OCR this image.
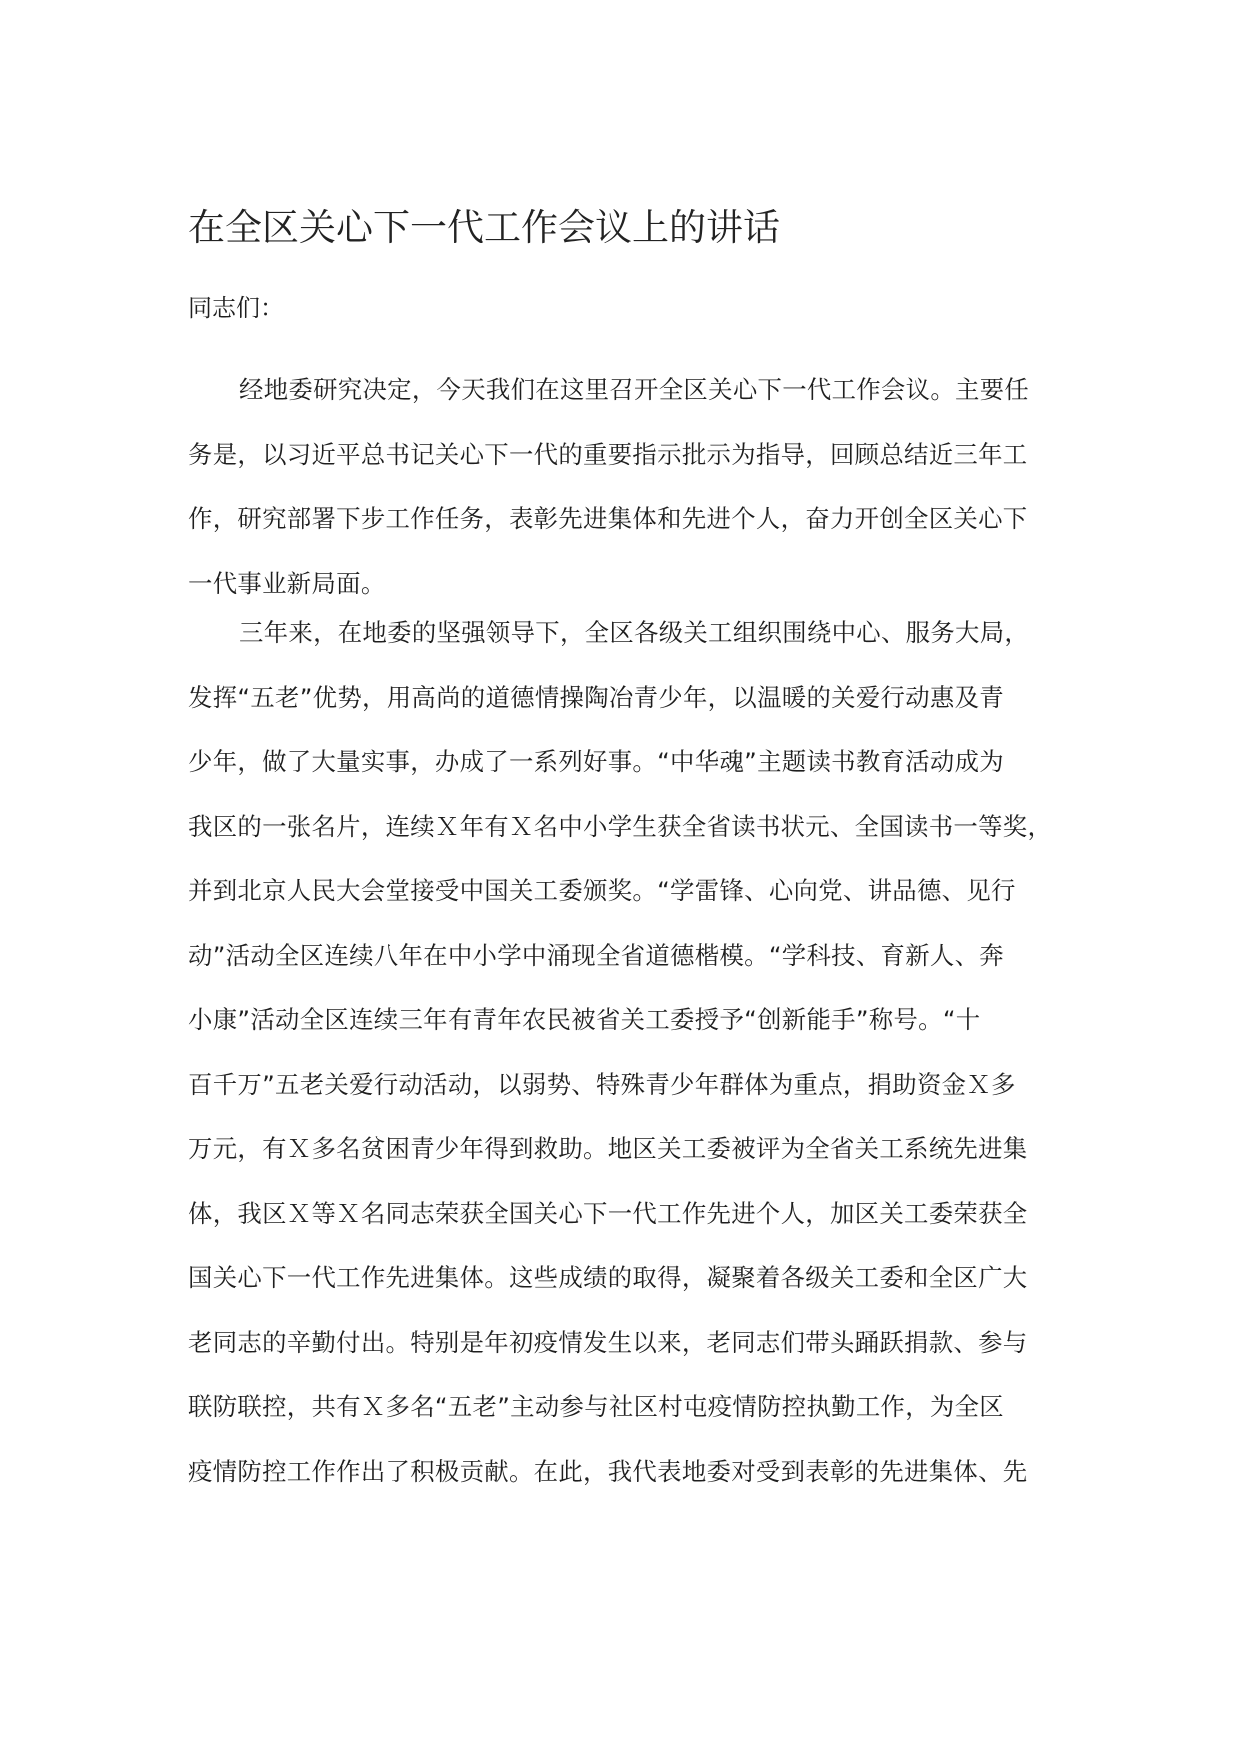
在全区关心下一代工作会议上的讲话
同志们：
经地委研究决定，今天我们在这里召开全区关心下一代工作会议。主要任
务是，以习近平总书记关心下一代的重要指示批示为指导，回顾总结近三年工
作，研究部署下步工作任务，表彰先进集体和先进个人，奋力开创全区关心下
一代事业新局面。
三年来，在地委的坚强领导下，全区各级关工组织围绕中心、服务大局，
发挥“五老”优势，用高尚的道德情操陶冶青少年，以温暖的关爱行动惠及青
少年，做了大量实事，办成了一系列好事。“中华魂”主题读书教育活动成为
我区的一张名片，连续Ｘ年有Ｘ名中小学生获全省读书状元、全国读书一等奖，
并到北京人民大会堂接受中国关工委颁奖。“学雷锋、心向党、讲品德、见行
动”活动全区连续八年在中小学中涌现全省道德楷模。“学科技、育新人、奔
小康”活动全区连续三年有青年农民被省关工委授予“创新能手”称号。“十
百千万”五老关爱行动活动，以弱势、特殊青少年群体为重点，捐助资金Ｘ多
万元，有Ｘ多名贫困青少年得到救助。地区关工委被评为全省关工系统先进集
体，我区Ｘ等Ｘ名同志荣获全国关心下一代工作先进个人，加区关工委荣获全
国关心下一代工作先进集体。这些成绩的取得，凝聚着各级关工委和全区广大
老同志的辛勤付出。特别是年初疫情发生以来，老同志们带头踊跃捐款、参与
联防联控，共有Ｘ多名“五老”主动参与社区村屯疫情防控执勤工作，为全区
疫情防控工作作出了积极贡献。在此，我代表地委对受到表彰的先进集体、先
